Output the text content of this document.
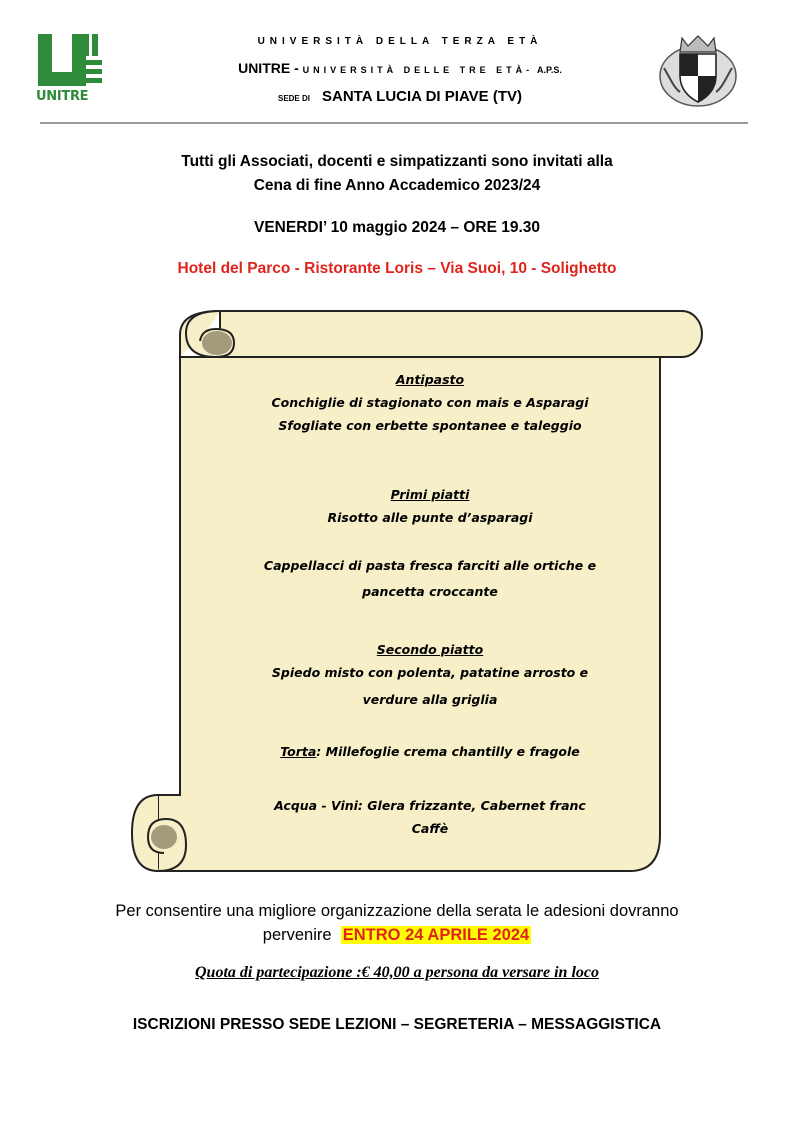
UNITRE
UNIVERSITÀ DELLA TERZA ETÀ
UNITRE - UNIVERSITÀ DELLE TRE ETÀ- A.P.S.
SEDE DI SANTA LUCIA DI PIAVE (TV)
Tutti gli Associati, docenti e simpatizzanti sono invitati alla
Cena di fine Anno Accademico 2023/24
VENERDI’ 10 maggio 2024 – ORE 19.30
Hotel del Parco - Ristorante Loris – Via Suoi, 10 - Solighetto
Antipasto
Conchiglie di stagionato con mais e Asparagi
Sfogliate con erbette spontanee e taleggio
Primi piatti
Risotto alle punte d’asparagi
Cappellacci di pasta fresca farciti alle ortiche e
pancetta croccante
Secondo piatto
Spiedo misto con polenta, patatine arrosto e
verdure alla griglia
Torta: Millefoglie crema chantilly e fragole
Acqua - Vini: Glera frizzante, Cabernet franc
Caffè
Per consentire una migliore organizzazione della serata le adesioni dovranno
pervenire ENTRO 24 APRILE 2024
Quota di partecipazione :€ 40,00 a persona da versare in loco
ISCRIZIONI PRESSO SEDE LEZIONI – SEGRETERIA – MESSAGGISTICA
